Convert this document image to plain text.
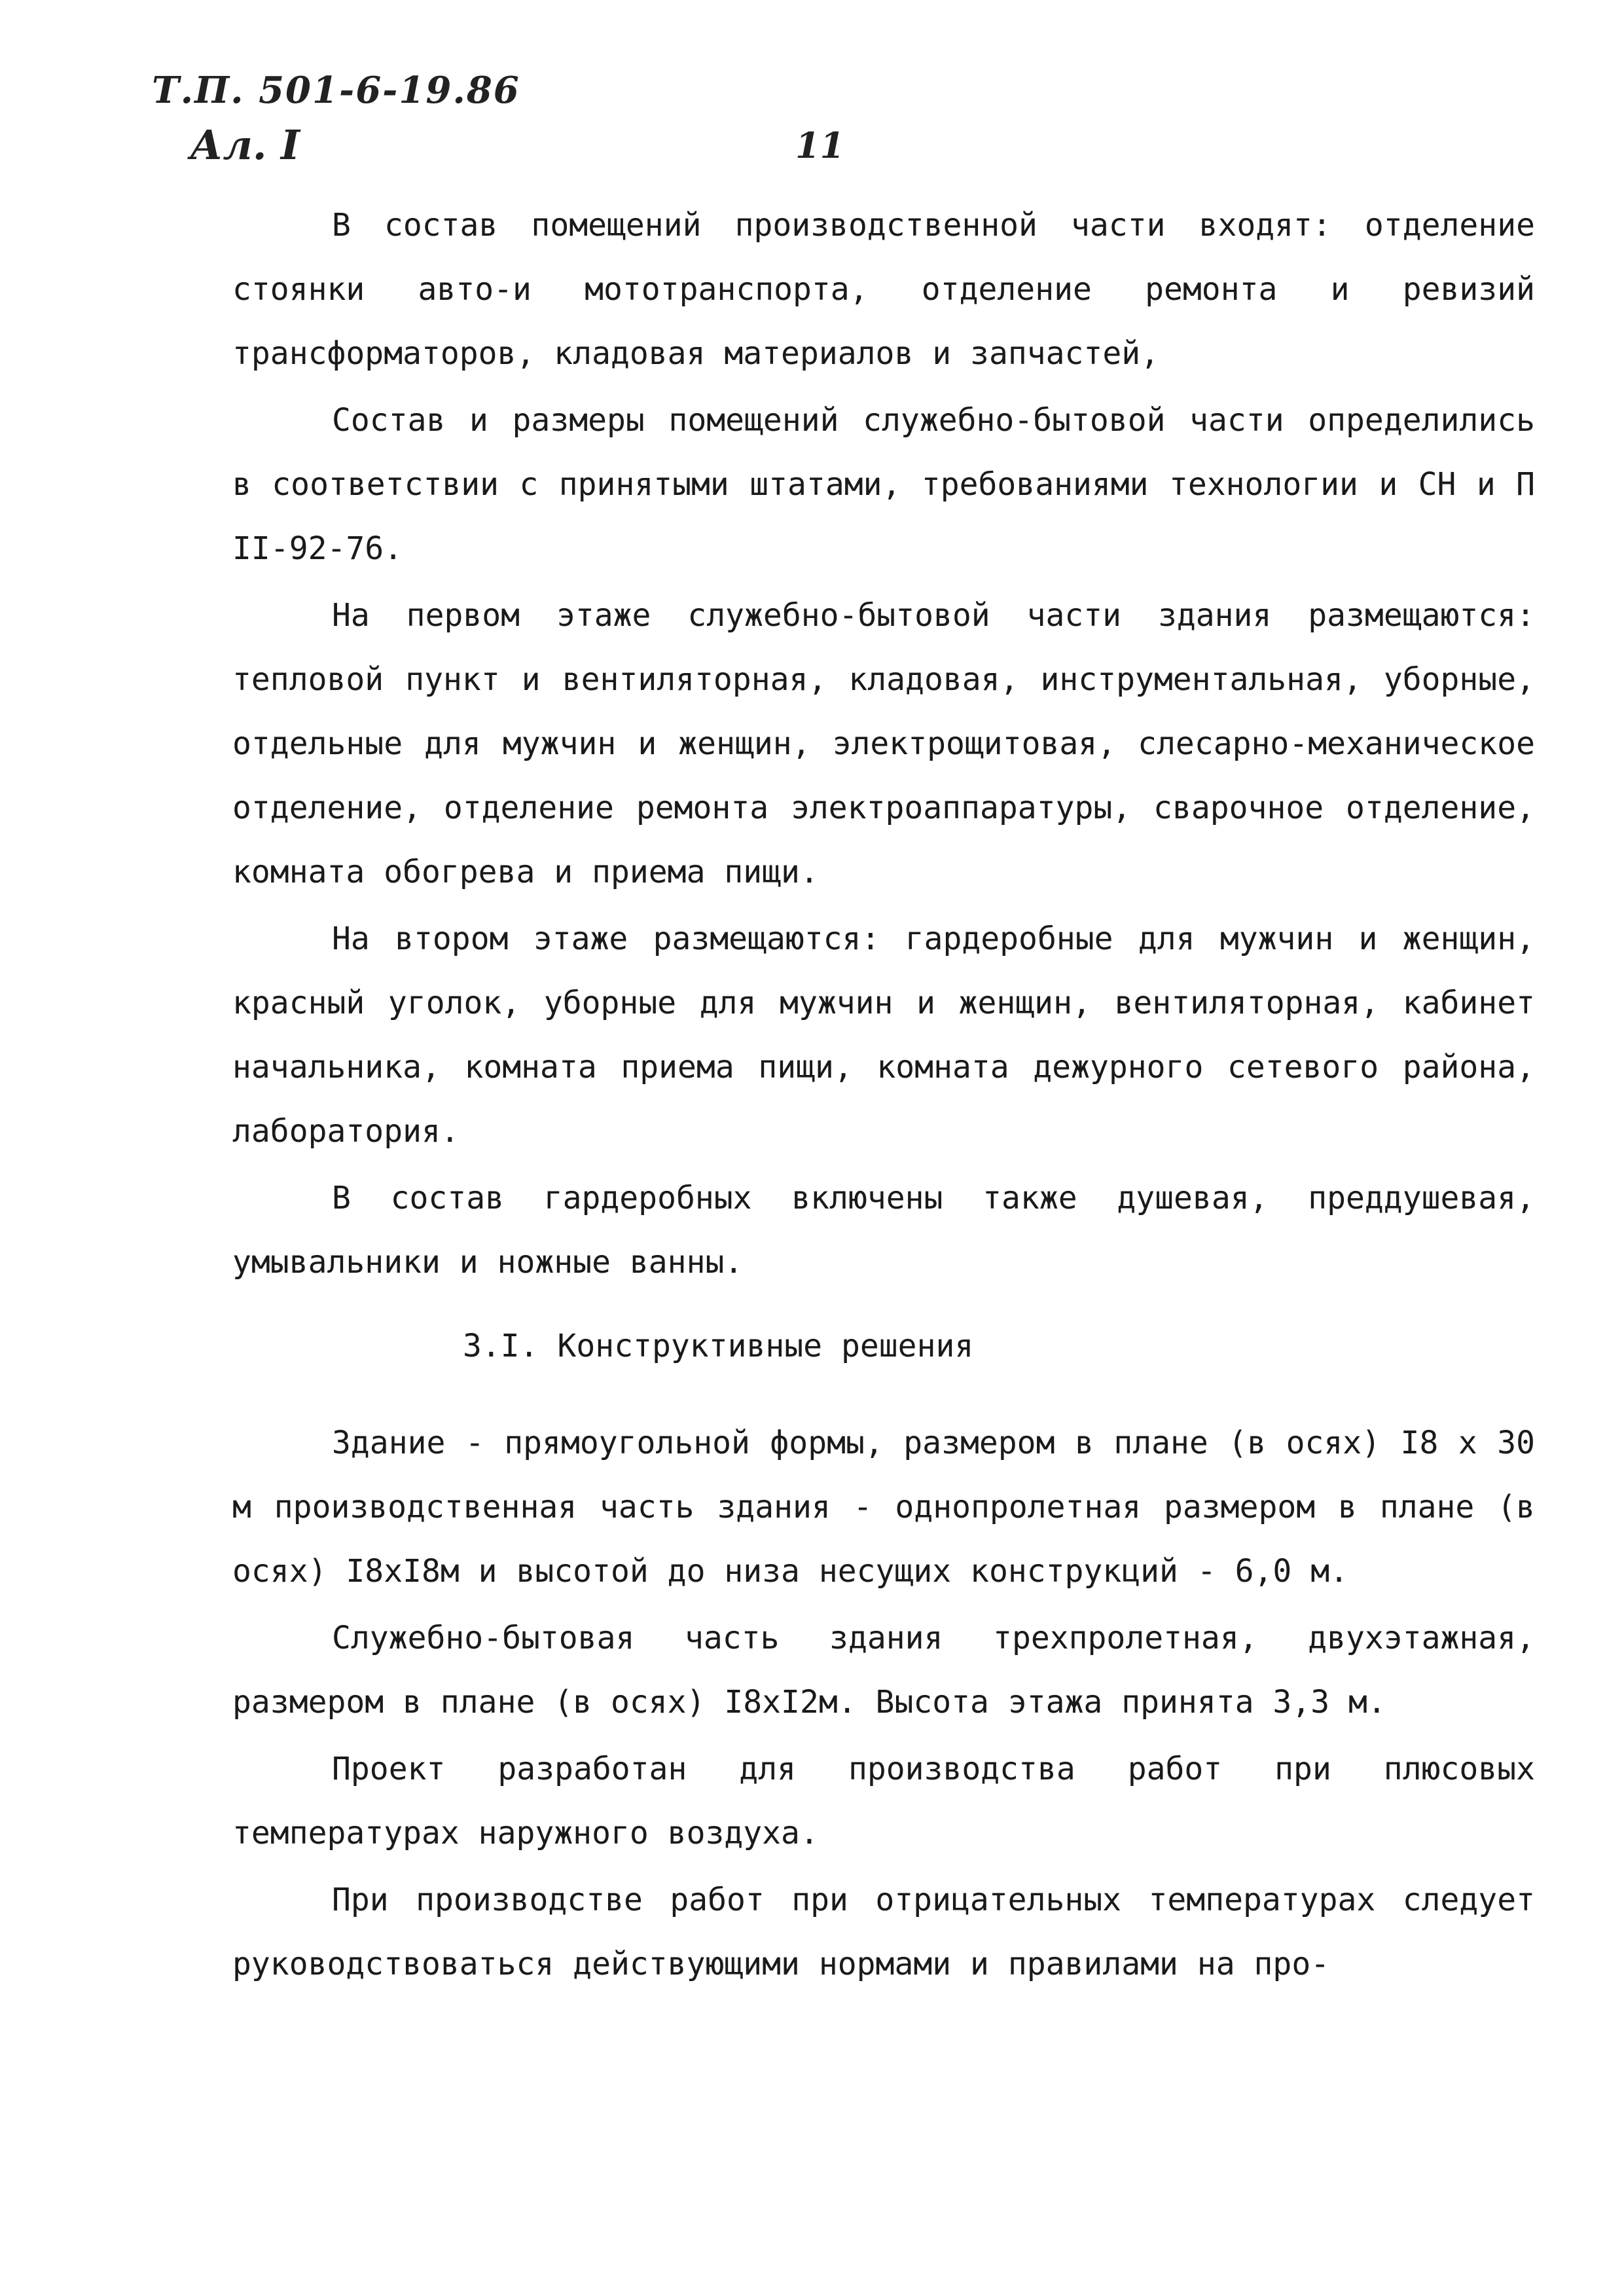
Т.П. 501-6-19.86
Ал. I	11

В состав помещений производственной части входят: отделение стоянки авто-и мототранспорта, отделение ремонта и ревизий трансформаторов, кладовая материалов и запчастей,

Состав и размеры помещений служебно-бытовой части определились в соответствии с принятыми штатами, требованиями технологии и СН и П II-92-76.

На первом этаже служебно-бытовой части здания размещаются: тепловой пункт и вентиляторная, кладовая, инструментальная, уборные, отдельные для мужчин и женщин, электрощитовая, слесарно-механическое отделение, отделение ремонта электроаппаратуры, сварочное отделение, комната обогрева и приема пищи.

На втором этаже размещаются: гардеробные для мужчин и женщин, красный уголок, уборные для мужчин и женщин, вентиляторная, кабинет начальника, комната приема пищи, комната дежурного сетевого района, лаборатория.

В состав гардеробных включены также душевая, преддушевая, умывальники и ножные ванны.

3.I. Конструктивные решения

Здание - прямоугольной формы, размером в плане (в осях) I8 х 30 м производственная часть здания - однопролетная размером в плане (в осях) I8хI8м и высотой до низа несущих конструкций - 6,0 м.

Служебно-бытовая часть здания трехпролетная, двухэтажная, размером в плане (в осях) I8хI2м. Высота этажа принята 3,3 м.

Проект разработан для производства работ при плюсовых температурах наружного воздуха.

При производстве работ при отрицательных температурах следует руководствоваться действующими нормами и правилами на про-
